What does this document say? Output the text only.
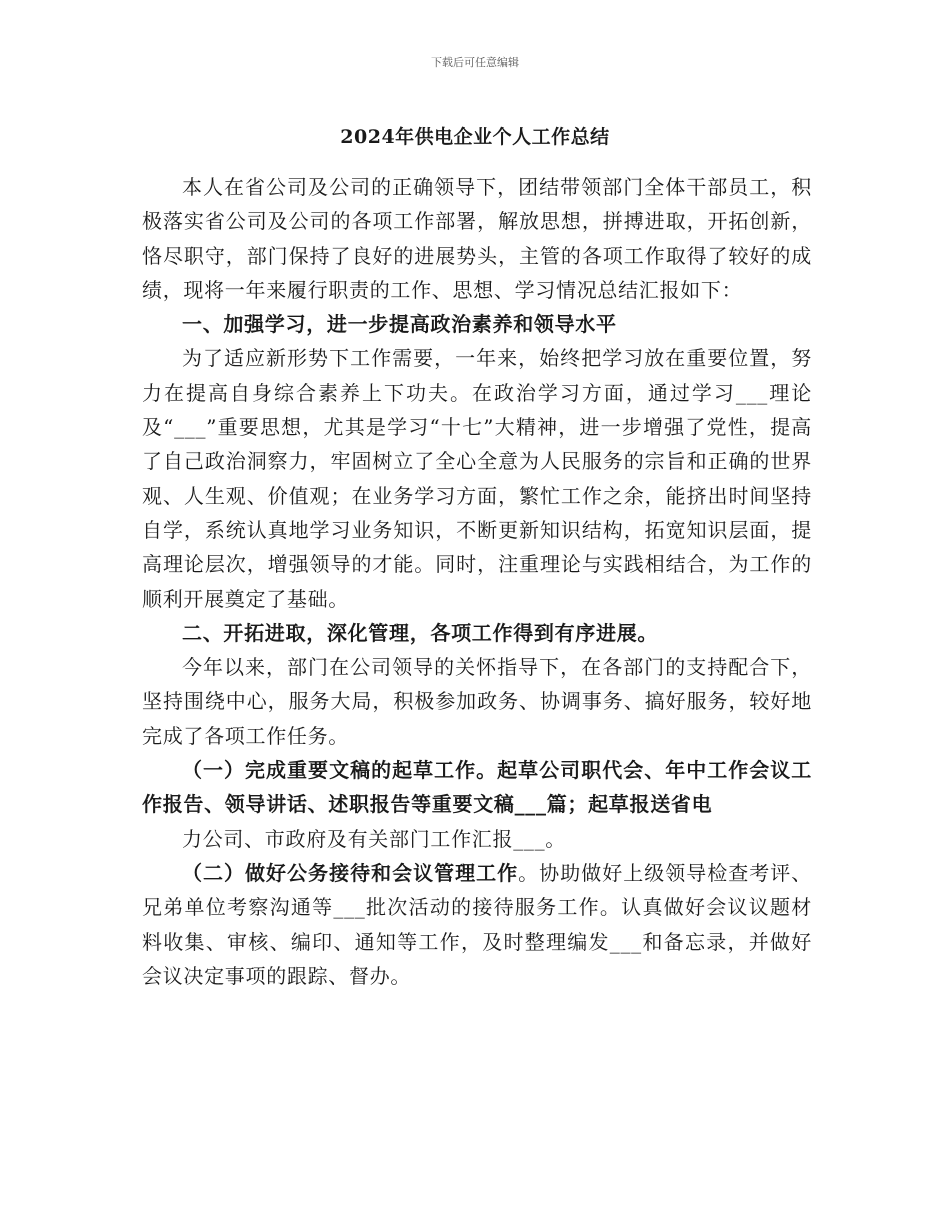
下载后可任意编辑
2024年供电企业个人工作总结

本人在省公司及公司的正确领导下，团结带领部门全体干部员工，积极落实省公司及公司的各项工作部署，解放思想，拼搏进取，开拓创新，恪尽职守，部门保持了良好的进展势头，主管的各项工作取得了较好的成绩，现将一年来履行职责的工作、思想、学习情况总结汇报如下：

一、加强学习，进一步提高政治素养和领导水平

为了适应新形势下工作需要，一年来，始终把学习放在重要位置，努力在提高自身综合素养上下功夫。在政治学习方面，通过学习___理论及“___”重要思想，尤其是学习“十七”大精神，进一步增强了党性，提高了自己政治洞察力，牢固树立了全心全意为人民服务的宗旨和正确的世界观、人生观、价值观；在业务学习方面，繁忙工作之余，能挤出时间坚持自学，系统认真地学习业务知识，不断更新知识结构，拓宽知识层面，提高理论层次，增强领导的才能。同时，注重理论与实践相结合，为工作的顺利开展奠定了基础。

二、开拓进取，深化管理，各项工作得到有序进展。

今年以来，部门在公司领导的关怀指导下，在各部门的支持配合下，坚持围绕中心，服务大局，积极参加政务、协调事务、搞好服务，较好地完成了各项工作任务。

（一）完成重要文稿的起草工作。起草公司职代会、年中工作会议工作报告、领导讲话、述职报告等重要文稿___篇；起草报送省电

力公司、市政府及有关部门工作汇报___。

（二）做好公务接待和会议管理工作。协助做好上级领导检查考评、兄弟单位考察沟通等___批次活动的接待服务工作。认真做好会议议题材料收集、审核、编印、通知等工作，及时整理编发___和备忘录，并做好会议决定事项的跟踪、督办。
